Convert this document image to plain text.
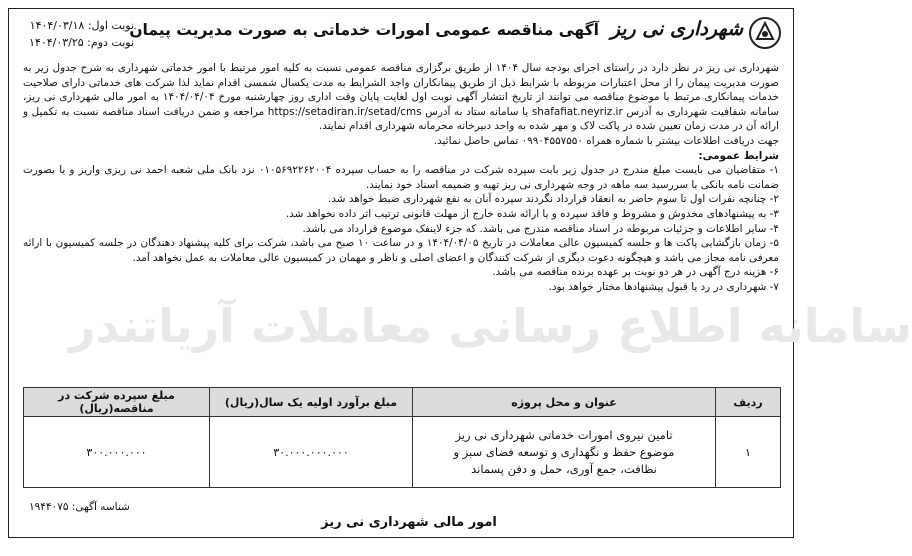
سامانه اطلاع رسانی معاملات آریاتندر
شهرداری نی ریز
آگهی مناقصه عمومی امورات خدماتی به صورت مدیریت پیمان
نوبت اول: ۱۴۰۴/۰۳/۱۸
نوبت دوم: ۱۴۰۴/۰۳/۲۵

شهرداری نی ریز در نظر دارد در راستای اجرای بودجه سال ۱۴۰۴ از طریق برگزاری مناقصه عمومی نسبت به کلیه امور مرتبط با امور خدماتی شهرداری به شرح جدول زیر به صورت مدیریت پیمان را از محل اعتبارات مربوطه با شرایط ذیل از طریق پیمانکاران واجد الشرایط به مدت یکسال شمسی اقدام نماید لذا شرکت های خدماتی دارای صلاحیت خدمات پیمانکاری مرتبط با موضوع مناقصه می توانند از تاریخ انتشار آگهی نوبت اول لغایت پایان وقت اداری روز چهارشنبه مورخ ۱۴۰۴/۰۴/۰۴ به امور مالی شهرداری نی ریز، سامانه شفافیت شهرداری به آدرس shafafiat.neyriz.ir یا سامانه ستاد به آدرس https://setadiran.ir/setad/cms مراجعه و ضمن دریافت اسناد مناقصه نسبت به تکمیل و ارائه آن در مدت زمان تعیین شده در پاکت لاک و مهر شده به واحد دبیرخانه محرمانه شهرداری اقدام نمایند.

جهت دریافت اطلاعات بیشتر با شماره همراه ۰۹۹۰۴۵۵۷۵۵۰ تماس حاصل نمائید.

شرایط عمومی:

۱- متقاضیان می بایست مبلغ مندرج در جدول زیر بابت سپرده شرکت در مناقصه را به حساب سپرده ۰۱۰۵۶۹۲۲۶۲۰۰۴ نزد بانک ملی شعبه احمد نی ریزی واریز و یا بصورت ضمانت نامه بانکی با سررسید سه ماهه در وجه شهرداری نی ریز تهیه و ضمیمه اسناد خود نمایند.

۲- چنانچه نفرات اول تا سوم حاضر به انعقاد قرارداد نگردند سپرده آنان به نفع شهرداری ضبط خواهد شد.

۳- به پیشنهادهای مخدوش و مشروط و فاقد سپرده و یا ارائه شده خارج از مهلت قانونی ترتیب اثر داده نخواهد شد.

۴- سایر اطلاعات و جزئیات مربوطه در اسناد مناقصه مندرج می باشد. که جزء لاینفک موضوع قرارداد می باشد.

۵- زمان بازگشایی پاکت ها و جلسه کمیسیون عالی معاملات در تاریخ ۱۴۰۴/۰۴/۰۵ و در ساعت ۱۰ صبح می باشد، شرکت برای کلیه پیشنهاد دهندگان در جلسه کمیسیون با ارائه معرفی نامه مجاز می باشد و هیچگونه دعوت دیگری از شرکت کنندگان و اعضای اصلی و ناظر و مهمان در کمیسیون عالی معاملات به عمل نخواهد آمد.

۶- هزینه درج آگهی در هر دو نوبت بر عهده برنده مناقصه می باشد.

۷- شهرداری در رد یا قبول پیشنهادها مختار خواهد بود.

ردیف	عنوان و محل پروژه	مبلغ برآورد اولیه یک سال(ریال)	مبلغ سپرده شرکت در مناقصه(ریال)
۱	تامین نیروی امورات خدماتی شهرداری نی ریز
موضوع حفظ و نگهداری و توسعه فضای سبز و
نظافت، جمع آوری، حمل و دفن پسماند	۳۰.۰۰۰.۰۰۰.۰۰۰	۳۰۰.۰۰۰.۰۰۰
شناسه آگهی: ۱۹۴۴۰۷۵
امور مالی شهرداری نی ریز
